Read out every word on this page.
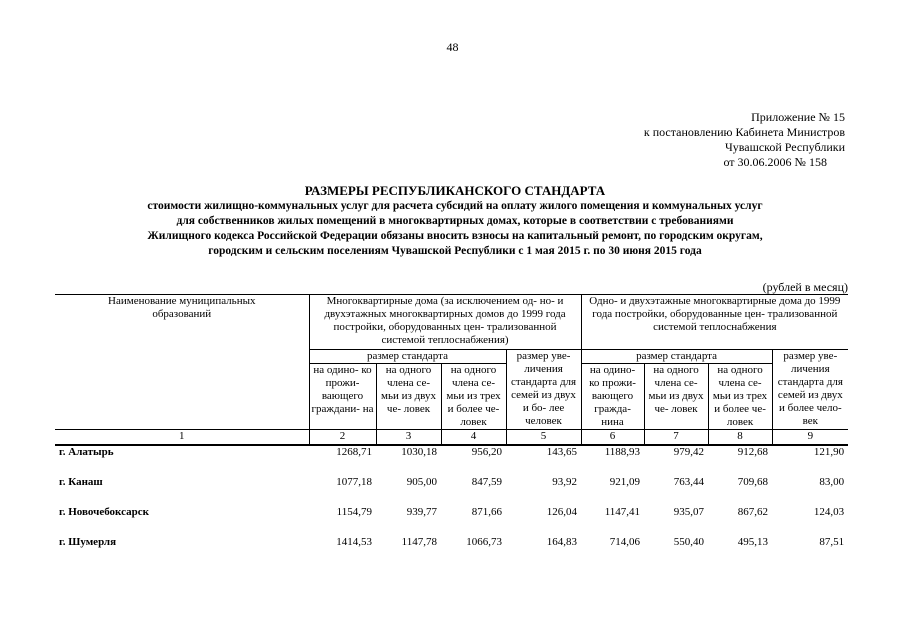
48
Приложение № 15
к постановлению Кабинета Министров
Чувашской Республики
от 30.06.2006 № 158
РАЗМЕРЫ РЕСПУБЛИКАНСКОГО СТАНДАРТА
стоимости жилищно-коммунальных услуг для расчета субсидий на оплату жилого помещения и коммунальных услуг
для собственников жилых помещений в многоквартирных домах, которые в соответствии с требованиями
Жилищного кодекса Российской Федерации обязаны вносить взносы на капитальный ремонт, по городским округам,
городским и сельским поселениям Чувашской Республики с 1 мая 2015 г. по 30 июня 2015 года
(рублей в месяц)
Наименование муниципальных образований	Многоквартирные дома (за исключением од- но- и двухэтажных многоквартирных домов до 1999 года постройки, оборудованных цен- трализованной системой теплоснабжения)				Одно- и двухэтажные многоквартирные дома до 1999 года постройки, оборудованные цен- трализованной системой теплоснабжения			
	размер стандарта			размер уве- личения стандарта для семей из двух и бо- лее человек	размер стандарта			размер уве- личения стандарта для семей из двух и более чело- век
	на одино- ко прожи- вающего граждани- на	на одного члена се- мьи из двух че- ловек	на одного члена се- мьи из трех и более че- ловек		на одино- ко прожи- вающего гражда- нина	на одного члена се- мьи из двух че- ловек	на одного члена се- мьи из трех и более че- ловек	
1	2	3	4	5	6	7	8	9
г. Алатырь	1268,71	1030,18	956,20	143,65	1188,93	979,42	912,68	121,90
г. Канаш	1077,18	905,00	847,59	93,92	921,09	763,44	709,68	83,00
г. Новочебоксарск	1154,79	939,77	871,66	126,04	1147,41	935,07	867,62	124,03
г. Шумерля	1414,53	1147,78	1066,73	164,83	714,06	550,40	495,13	87,51
